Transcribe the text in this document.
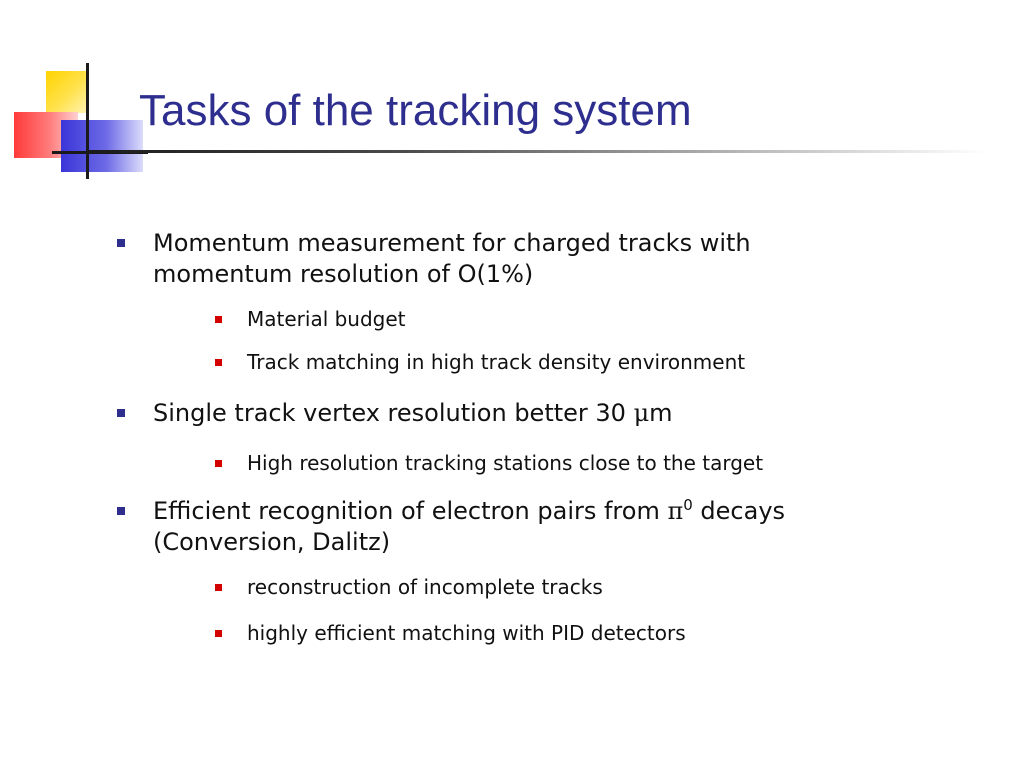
Tasks of the tracking system
Momentum measurement for charged tracks with momentum resolution of O(1%)
Material budget
Track matching in high track density environment
Single track vertex resolution better 30 μm
High resolution tracking stations close to the target
Efficient recognition of electron pairs from $\pi^0$ decays (Conversion, Dalitz)
reconstruction of incomplete tracks
highly efficient matching with PID detectors
